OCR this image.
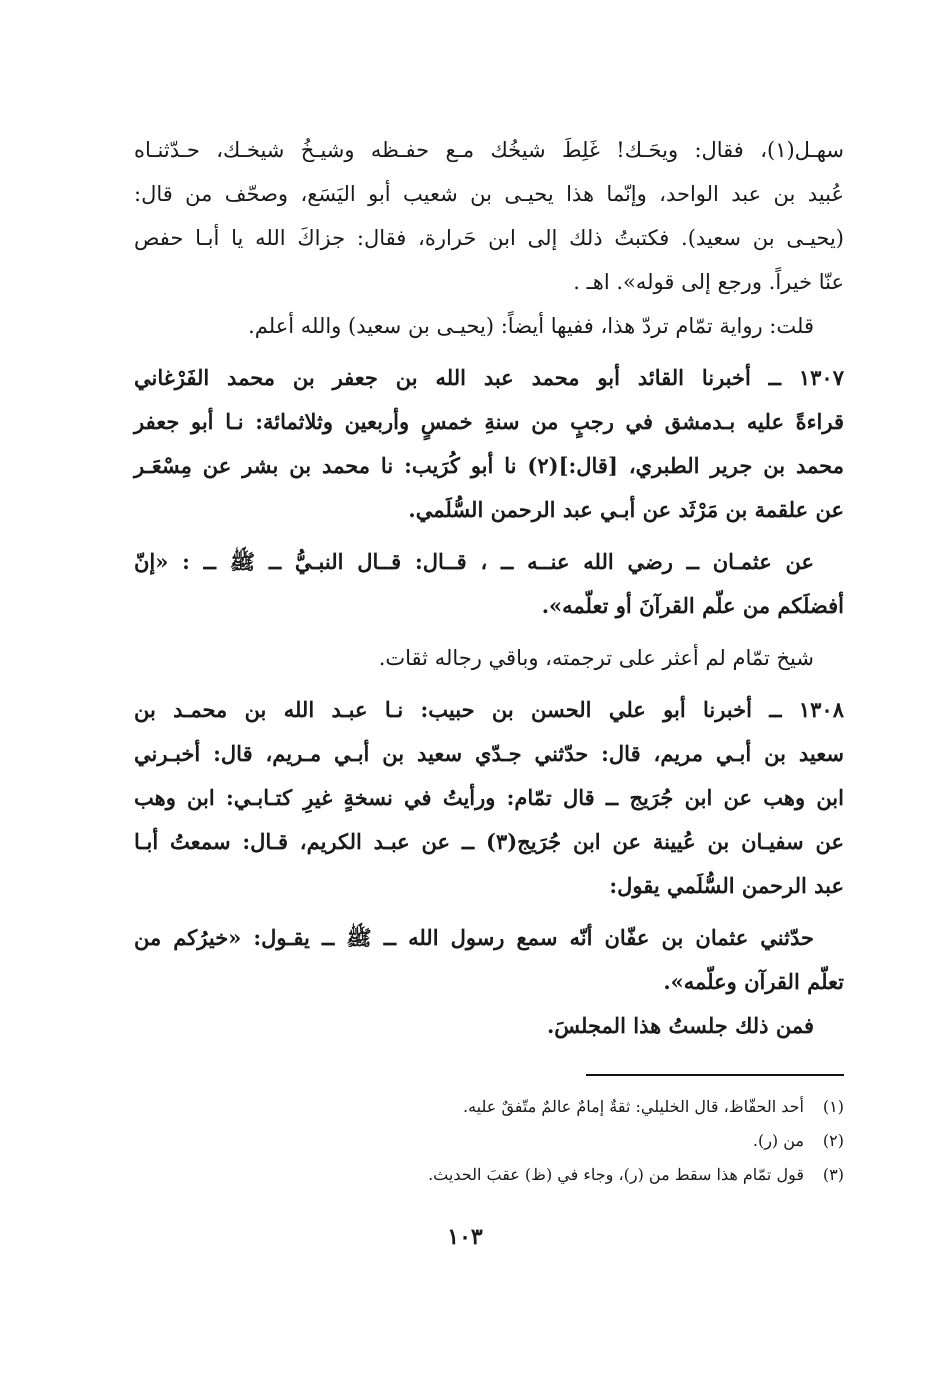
سهـل(١)، فقال: ويحَـك! غَلِطَ شيخُك مـع حفـظه وشيـخُ شيخـك، حـدّثنـاه
عُبيد بن عبد الواحد، وإنّما هذا يحيـى بن شعيب أبو اليَسَع، وصحّف من قال:
(يحيـى بن سعيد). فكتبتُ ذلك إلى ابن حَرارة، فقال: جزاكَ الله يا أبـا حفص
عنّا خيراً. ورجع إلى قوله». اهـ .
قلت: رواية تمّام تردّ هذا، ففيها أيضاً: (يحيـى بن سعيد) والله أعلم.
١٣٠٧ ــ أخبرنا القائد أبو محمد عبد الله بن جعفر بن محمد الفَرْغاني
قراءةً عليه بـدمشق في رجبٍ من سنةِ خمسٍ وأربعين وثلاثمائة: نـا أبو جعفر
محمد بن جرير الطبري، [قال:](٢) نا أبو كُرَيب: نا محمد بن بشر عن مِسْعَـر
عن علقمة بن مَرْثَد عن أبـي عبد الرحمن السُّلَمي.
عن عثمـان ــ رضي الله عنــه ــ ، قــال: قــال النبـيُّ ــ ﷺ ــ : «إنّ
أفضلَكم من علّم القرآنَ أو تعلّمه».
شيخ تمّام لم أعثر على ترجمته، وباقي رجاله ثقات.
١٣٠٨ ــ أخبرنا أبو علي الحسن بن حبيب: نـا عبـد الله بن محمـد بن
سعيد بن أبـي مريم، قال: حدّثني جـدّي سعيد بن أبـي مـريم، قال: أخبـرني
ابن وهب عن ابن جُرَيج ــ قال تمّام: ورأيتُ في نسخةٍ غيرِ كتـابـي: ابن وهب
عن سفيـان بن عُيينة عن ابن جُرَيج(٣) ــ عن عبـد الكريم، قـال: سمعتُ أبـا
عبد الرحمن السُّلَمي يقول:
حدّثني عثمان بن عفّان أنّه سمع رسول الله ــ ﷺ ــ يقـول: «خيرُكم من
تعلّم القرآن وعلّمه».
فمن ذلك جلستُ هذا المجلسَ.
(١)أحد الحفّاظ، قال الخليلي: ثقةٌ إمامٌ عالمٌ متّفقٌ عليه.
(٢)من (ر).
(٣)قول تمّام هذا سقط من (ر)، وجاء في (ظ) عقبَ الحديث.
١٠٣
